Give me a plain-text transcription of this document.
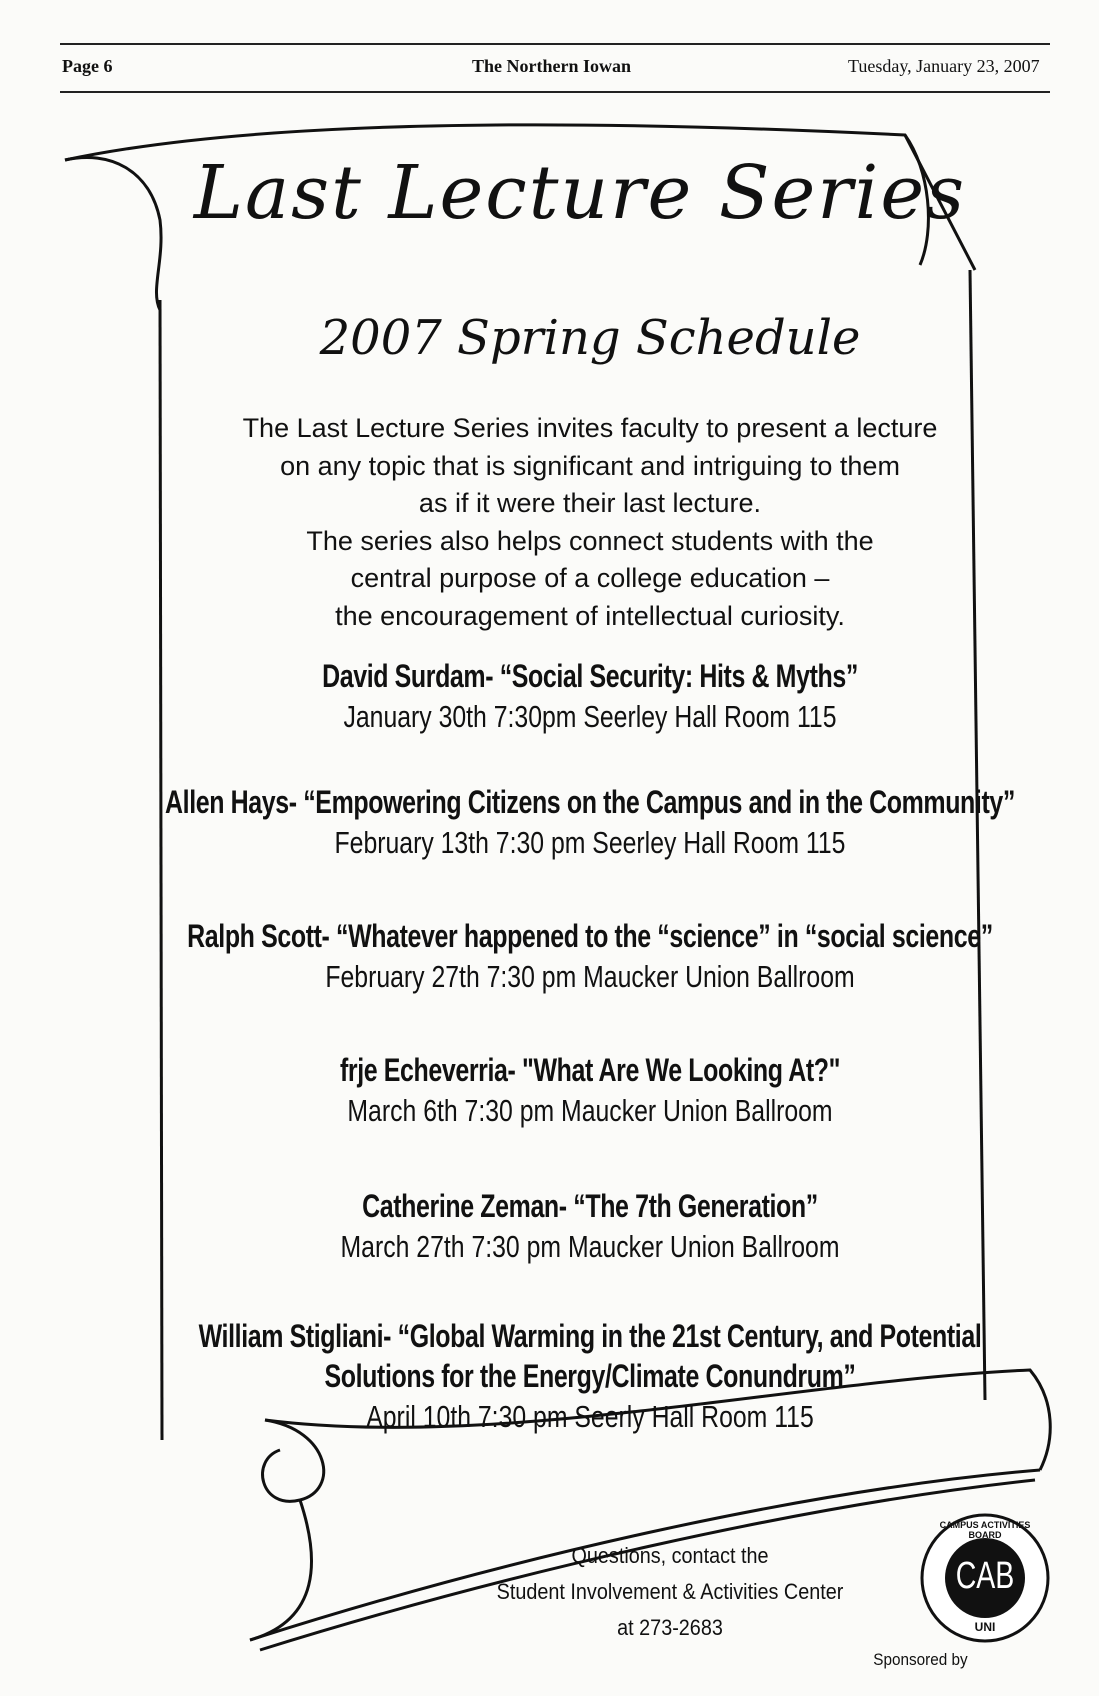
Page 6	The Northern Iowan	Tuesday, January 23, 2007
Last Lecture Series
2007 Spring Schedule
The Last Lecture Series invites faculty to present a lecture
on any topic that is significant and intriguing to them
as if it were their last lecture.
The series also helps connect students with the
central purpose of a college education –
the encouragement of intellectual curiosity.
David Surdam- “Social Security: Hits & Myths”
January 30th 7:30pm Seerley Hall Room 115
Allen Hays- “Empowering Citizens on the Campus and in the Community”
February 13th 7:30 pm Seerley Hall Room 115
Ralph Scott- “Whatever happened to the “science” in “social science”
February 27th 7:30 pm Maucker Union Ballroom
frje Echeverria- "What Are We Looking At?"
March 6th 7:30 pm Maucker Union Ballroom
Catherine Zeman- “The 7th Generation”
March 27th 7:30 pm Maucker Union Ballroom
William Stigliani- “Global Warming in the 21st Century, and Potential
Solutions for the Energy/Climate Conundrum”
April 10th 7:30 pm Seerly Hall Room 115
Questions, contact the
Student Involvement & Activities Center
at 273-2683
Sponsored by
CAB
CAMPUS ACTIVITIES BOARD
UNI
